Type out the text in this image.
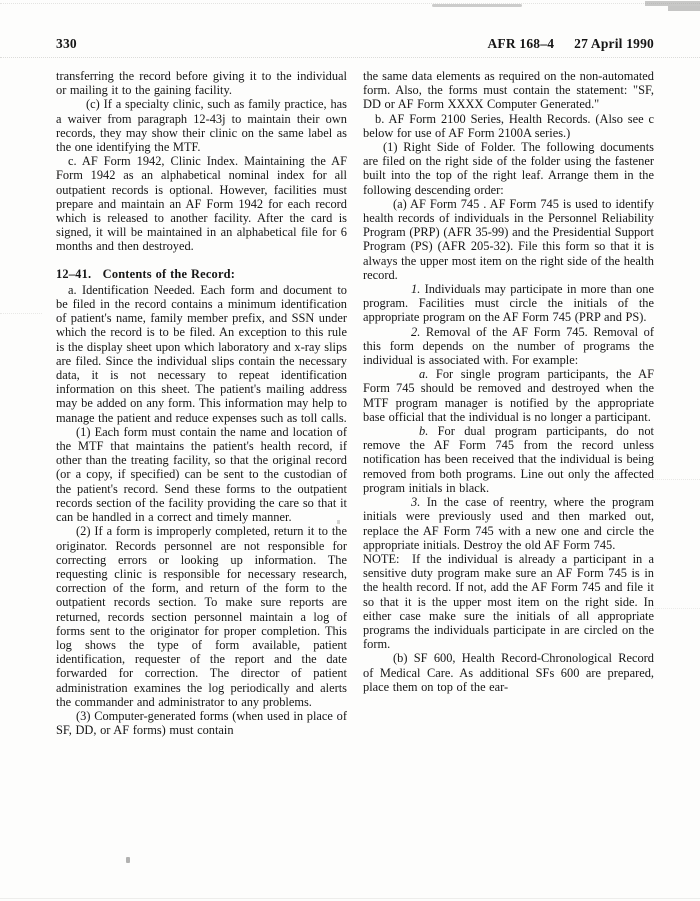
330	AFR 168–4 27 April 1990

transferring the record before giving it to the individual or mailing it to the gaining facility.

(c) If a specialty clinic, such as family practice, has a waiver from paragraph 12-43j to maintain their own records, they may show their clinic on the same label as the one identifying the MTF.

c. AF Form 1942, Clinic Index. Maintaining the AF Form 1942 as an alphabetical nominal index for all outpatient records is optional. However, facilities must prepare and maintain an AF Form 1942 for each record which is released to another facility. After the card is signed, it will be maintained in an alphabetical file for 6 months and then destroyed.

12–41.   Contents of the Record:

a. Identification Needed. Each form and document to be filed in the record contains a minimum identification of patient's name, family member prefix, and SSN under which the record is to be filed. An exception to this rule is the display sheet upon which laboratory and x-ray slips are filed. Since the individual slips contain the necessary data, it is not necessary to repeat identification information on this sheet. The patient's mailing address may be added on any form. This information may help to manage the patient and reduce expenses such as toll calls.

(1) Each form must contain the name and location of the MTF that maintains the patient's health record, if other than the treating facility, so that the original record (or a copy, if specified) can be sent to the custodian of the patient's record. Send these forms to the outpatient records section of the facility providing the care so that it can be handled in a correct and timely manner.

(2) If a form is improperly completed, return it to the originator. Records personnel are not responsible for correcting errors or looking up information. The requesting clinic is responsible for necessary research, correction of the form, and return of the form to the outpatient records section. To make sure reports are returned, records section personnel maintain a log of forms sent to the originator for proper completion. This log shows the type of form available, patient identification, requester of the report and the date forwarded for correction. The director of patient administration examines the log periodically and alerts the commander and administrator to any problems.

(3) Computer-generated forms (when used in place of SF, DD, or AF forms) must contain

the same data elements as required on the non-automated form. Also, the forms must contain the statement: "SF, DD or AF Form XXXX Computer Generated."

b. AF Form 2100 Series, Health Records. (Also see c below for use of AF Form 2100A series.)

(1) Right Side of Folder. The following documents are filed on the right side of the folder using the fastener built into the top of the right leaf. Arrange them in the following descending order:

(a) AF Form 745 . AF Form 745 is used to identify health records of individuals in the Personnel Reliability Program (PRP) (AFR 35-99) and the Presidential Support Program (PS) (AFR 205-32). File this form so that it is always the upper most item on the right side of the health record.

1. Individuals may participate in more than one program. Facilities must circle the initials of the appropriate program on the AF Form 745 (PRP and PS).

2. Removal of the AF Form 745. Removal of this form depends on the number of programs the individual is associated with. For example:

a. For single program participants, the AF Form 745 should be removed and destroyed when the MTF program manager is notified by the appropriate base official that the individual is no longer a participant.

b. For dual program participants, do not remove the AF Form 745 from the record unless notification has been received that the individual is being removed from both programs. Line out only the affected program initials in black.

3. In the case of reentry, where the program initials were previously used and then marked out, replace the AF Form 745 with a new one and circle the appropriate initials. Destroy the old AF Form 745.

NOTE:  If the individual is already a participant in a sensitive duty program make sure an AF Form 745 is in the health record. If not, add the AF Form 745 and file it so that it is the upper most item on the right side. In either case make sure the initials of all appropriate programs the individuals participate in are circled on the form.

(b) SF 600, Health Record-Chronological Record of Medical Care. As additional SFs 600 are prepared, place them on top of the ear-
